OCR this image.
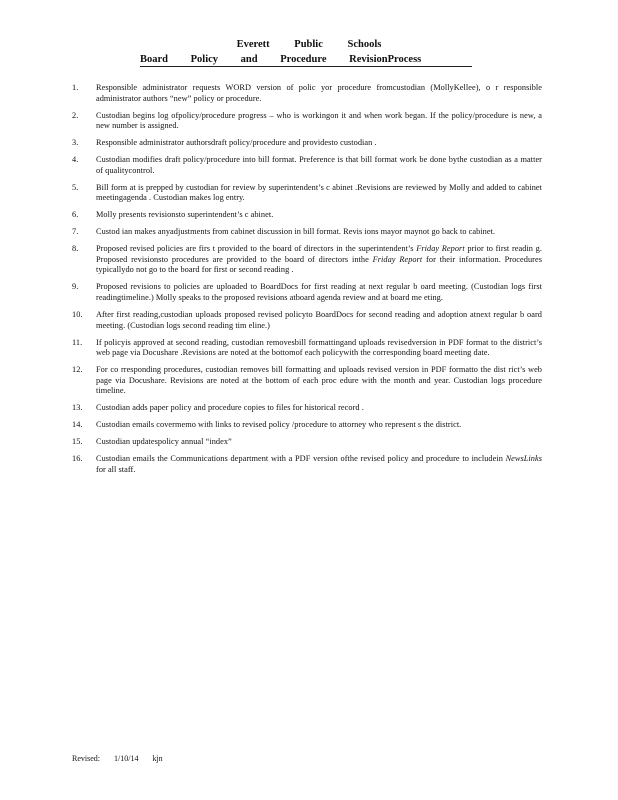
Everett Public Schools
Board Policy and Procedure RevisionProcess
1.	Responsible administrator requests WORD version of polic yor procedure fromcustodian (MollyKellee), o r responsible administrator authors “new” policy or procedure.
2.	Custodian begins log ofpolicy/procedure progress – who is workingon it and when work began. If the policy/procedure is new, a new number is assigned.
3.	Responsible administrator authorsdraft policy/procedure and providesto custodian .
4.	Custodian modifies draft policy/procedure into bill format. Preference is that bill format work be done bythe custodian as a matter of qualitycontrol.
5.	Bill form at is prepped by custodian for review by superintendent’s c abinet .Revisions are reviewed by Molly and added to cabinet meetingagenda . Custodian makes log entry.
6.	Molly presents revisionsto superintendent’s c abinet.
7.	Custod ian makes anyadjustments from cabinet discussion in bill format. Revis ions mayor maynot go back to cabinet.
8.	Proposed revised policies are firs t provided to the board of directors in the superintendent’s Friday Report prior to first readin g. Proposed revisionsto procedures are provided to the board of directors inthe Friday Report for their information. Procedures typicallydo not go to the board for first or second reading .
9.	Proposed revisions to policies are uploaded to BoardDocs for first reading at next regular b oard meeting. (Custodian logs first readingtimeline.) Molly speaks to the proposed revisions atboard agenda review and at board me eting.
10.	After first reading,custodian uploads proposed revised policyto BoardDocs for second reading and adoption atnext regular b oard meeting. (Custodian logs second reading tim eline.)
11.	If policyis approved at second reading, custodian removesbill formattingand uploads revisedversion in PDF format to the district’s web page via Docushare .Revisions are noted at the bottomof each policywith the corresponding board meeting date.
12.	For co rresponding procedures, custodian removes bill formatting and uploads revised version in PDF formatto the dist rict’s web page via Docushare. Revisions are noted at the bottom of each proc edure with the month and year. Custodian logs procedure timeline.
13.	Custodian adds paper policy and procedure copies to files for historical record .
14.	Custodian emails covermemo with links to revised policy /procedure to attorney who represent s the district.
15.	Custodian updatespolicy annual “index”
16.	Custodian emails the Communications department with a PDF version ofthe revised policy and procedure to includein NewsLinks for all staff.
Revised: 1/10/14 kjn
